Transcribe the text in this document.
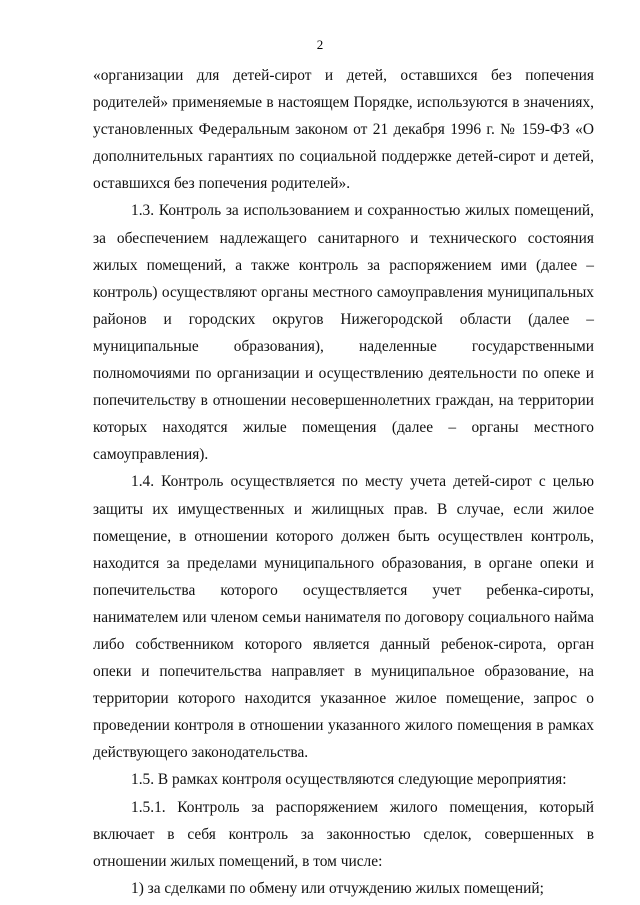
2

«организации для детей-сирот и детей, оставшихся без попечения родителей» применяемые в настоящем Порядке, используются в значениях, установленных Федеральным законом от 21 декабря 1996 г. № 159-ФЗ «О дополнительных гарантиях по социальной поддержке детей-сирот и детей, оставшихся без попечения родителей».

1.3. Контроль за использованием и сохранностью жилых помещений, за обеспечением надлежащего санитарного и технического состояния жилых помещений, а также контроль за распоряжением ими (далее – контроль) осуществляют органы местного самоуправления муниципальных районов и городских округов Нижегородской области (далее – муниципальные образования), наделенные государственными полномочиями по организации и осуществлению деятельности по опеке и попечительству в отношении несовершеннолетних граждан, на территории которых находятся жилые помещения (далее – органы местного самоуправления).

1.4. Контроль осуществляется по месту учета детей-сирот с целью защиты их имущественных и жилищных прав. В случае, если жилое помещение, в отношении которого должен быть осуществлен контроль, находится за пределами муниципального образования, в органе опеки и попечительства которого осуществляется учет ребенка-сироты, нанимателем или членом семьи нанимателя по договору социального найма либо собственником которого является данный ребенок-сирота, орган опеки и попечительства направляет в муниципальное образование, на территории которого находится указанное жилое помещение, запрос о проведении контроля в отношении указанного жилого помещения в рамках действующего законодательства.

1.5. В рамках контроля осуществляются следующие мероприятия:

1.5.1. Контроль за распоряжением жилого помещения, который включает в себя контроль за законностью сделок, совершенных в отношении жилых помещений, в том числе:

1) за сделками по обмену или отчуждению жилых помещений;
